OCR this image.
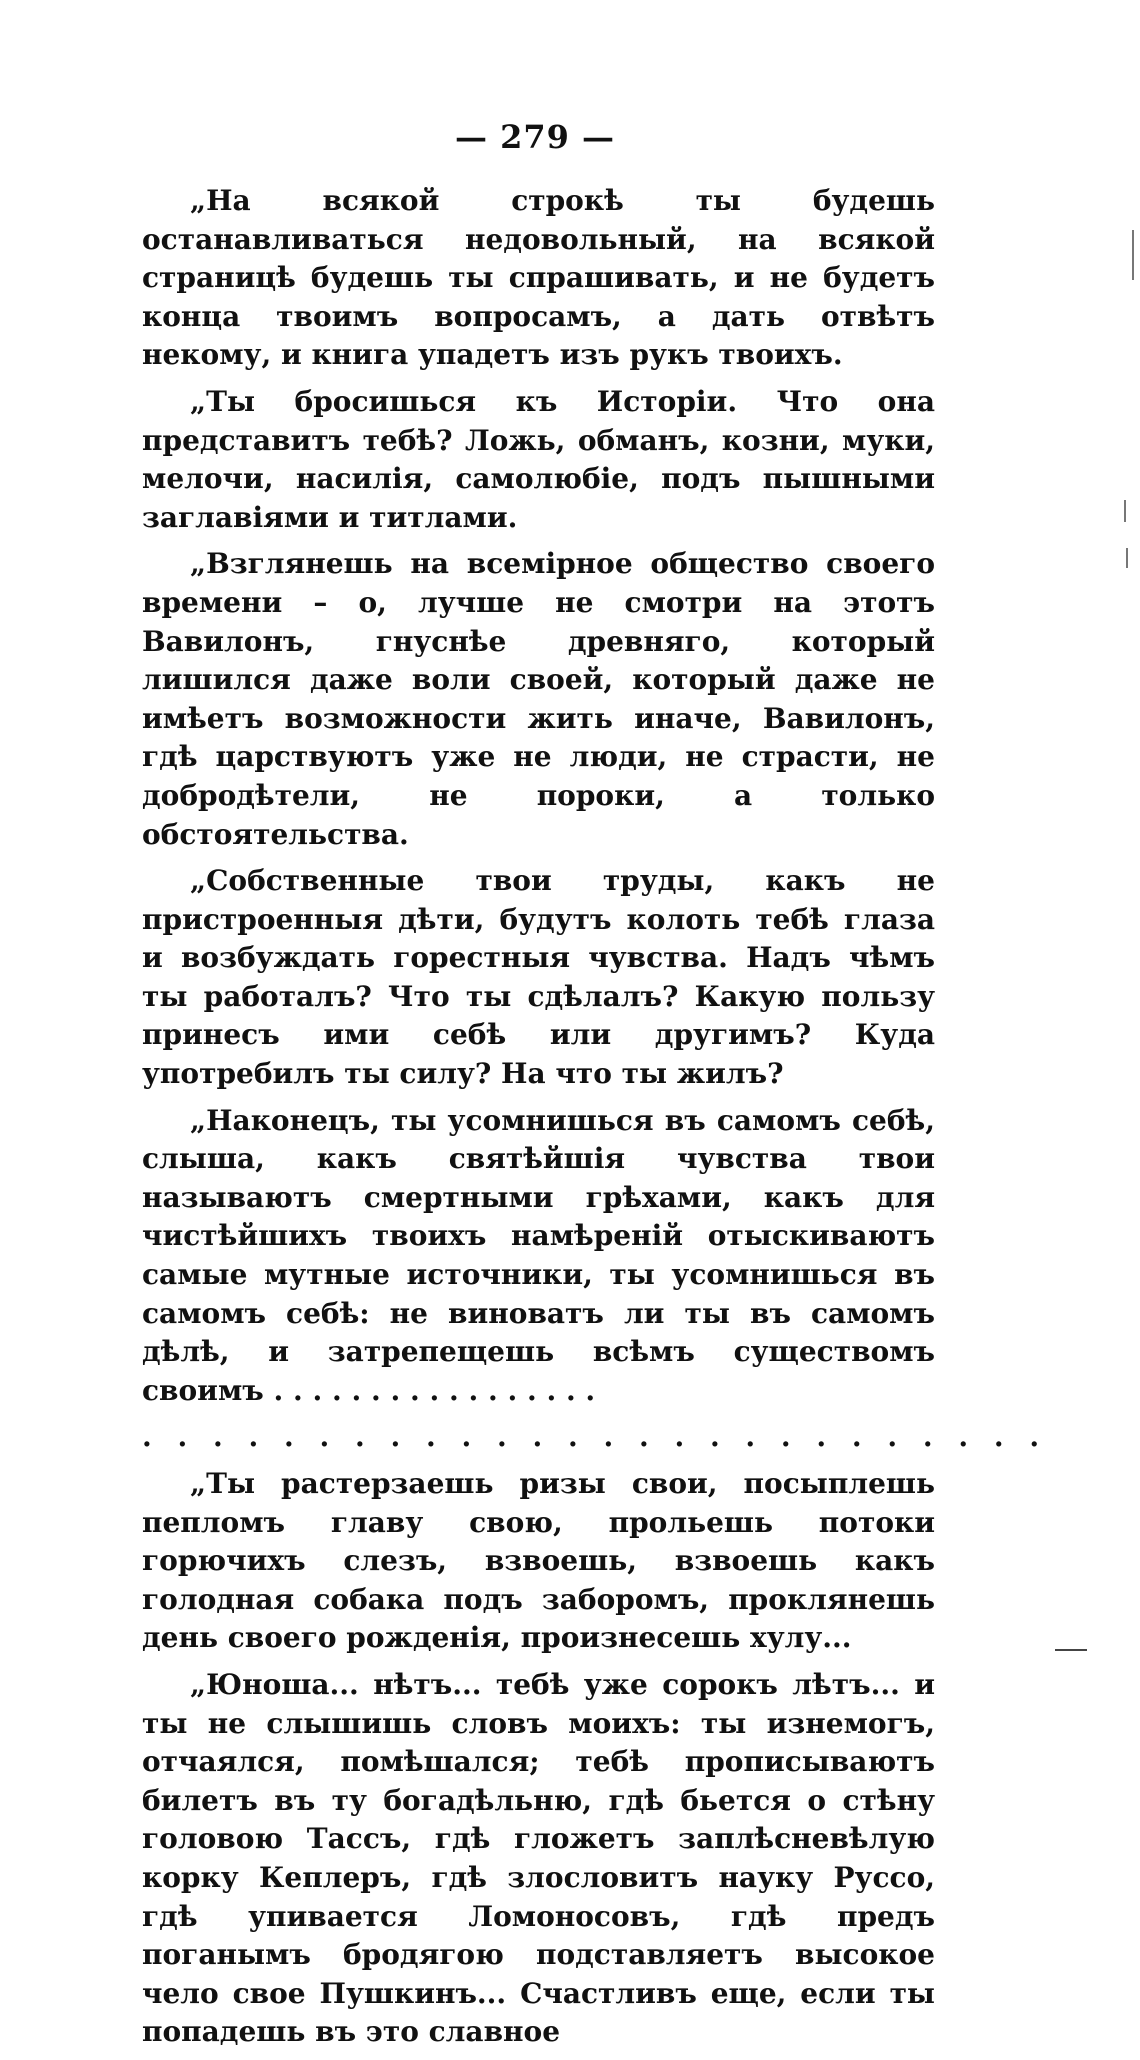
— 279 —

„На всякой строкѣ ты будешь останавливаться недовольный, на всякой страницѣ будешь ты спрашивать, и не будетъ конца твоимъ вопросамъ, а дать отвѣтъ некому, и книга упадетъ изъ рукъ твоихъ.

„Ты бросишься къ Исторіи. Что она представитъ тебѣ? Ложь, обманъ, козни, муки, мелочи, насилія, самолюбіе, подъ пышными заглавіями и титлами.

„Взглянешь на всемірное общество своего времени – о, лучше не смотри на этотъ Вавилонъ, гнуснѣе древняго, который лишился даже воли своей, который даже не имѣетъ возможности жить иначе, Вавилонъ, гдѣ царствуютъ уже не люди, не страсти, не добродѣтели, не пороки, а только обстоятельства.

„Собственные твои труды, какъ не пристроенныя дѣти, будутъ колоть тебѣ глаза и возбуждать горестныя чувства. Надъ чѣмъ ты работалъ? Что ты сдѣлалъ? Какую пользу принесъ ими себѣ или другимъ? Куда употребилъ ты силу? На что ты жилъ?

„Наконецъ, ты усомнишься въ самомъ себѣ, слыша, какъ святѣйшія чувства твои называютъ смертными грѣхами, какъ для чистѣйшихъ твоихъ намѣреній отыскиваютъ самые мутные источники, ты усомнишься въ самомъ себѣ: не виноватъ ли ты въ самомъ дѣлѣ, и затрепещешь всѣмъ существомъ своимъ . . . . . . . . . . . . . . . . .

. . . . . . . . . . . . . . . . . . . . . . . . . .

„Ты растерзаешь ризы свои, посыплешь пепломъ главу свою, прольешь потоки горючихъ слезъ, взвоешь, взвоешь какъ голодная собака подъ заборомъ, проклянешь день своего рожденія, произнесешь хулу...

„Юноша... нѣтъ... тебѣ уже сорокъ лѣтъ... и ты не слышишь словъ моихъ: ты изнемогъ, отчаялся, помѣшался; тебѣ прописываютъ билетъ въ ту богадѣльню, гдѣ бьется о стѣну головою Тассъ, гдѣ гложетъ заплѣсневѣлую корку Кеплеръ, гдѣ злословитъ науку Руссо, гдѣ упивается Ломоносовъ, гдѣ предъ поганымъ бродягою подставляетъ высокое чело свое Пушкинъ... Счастливъ еще, если ты попадешь въ это славное
